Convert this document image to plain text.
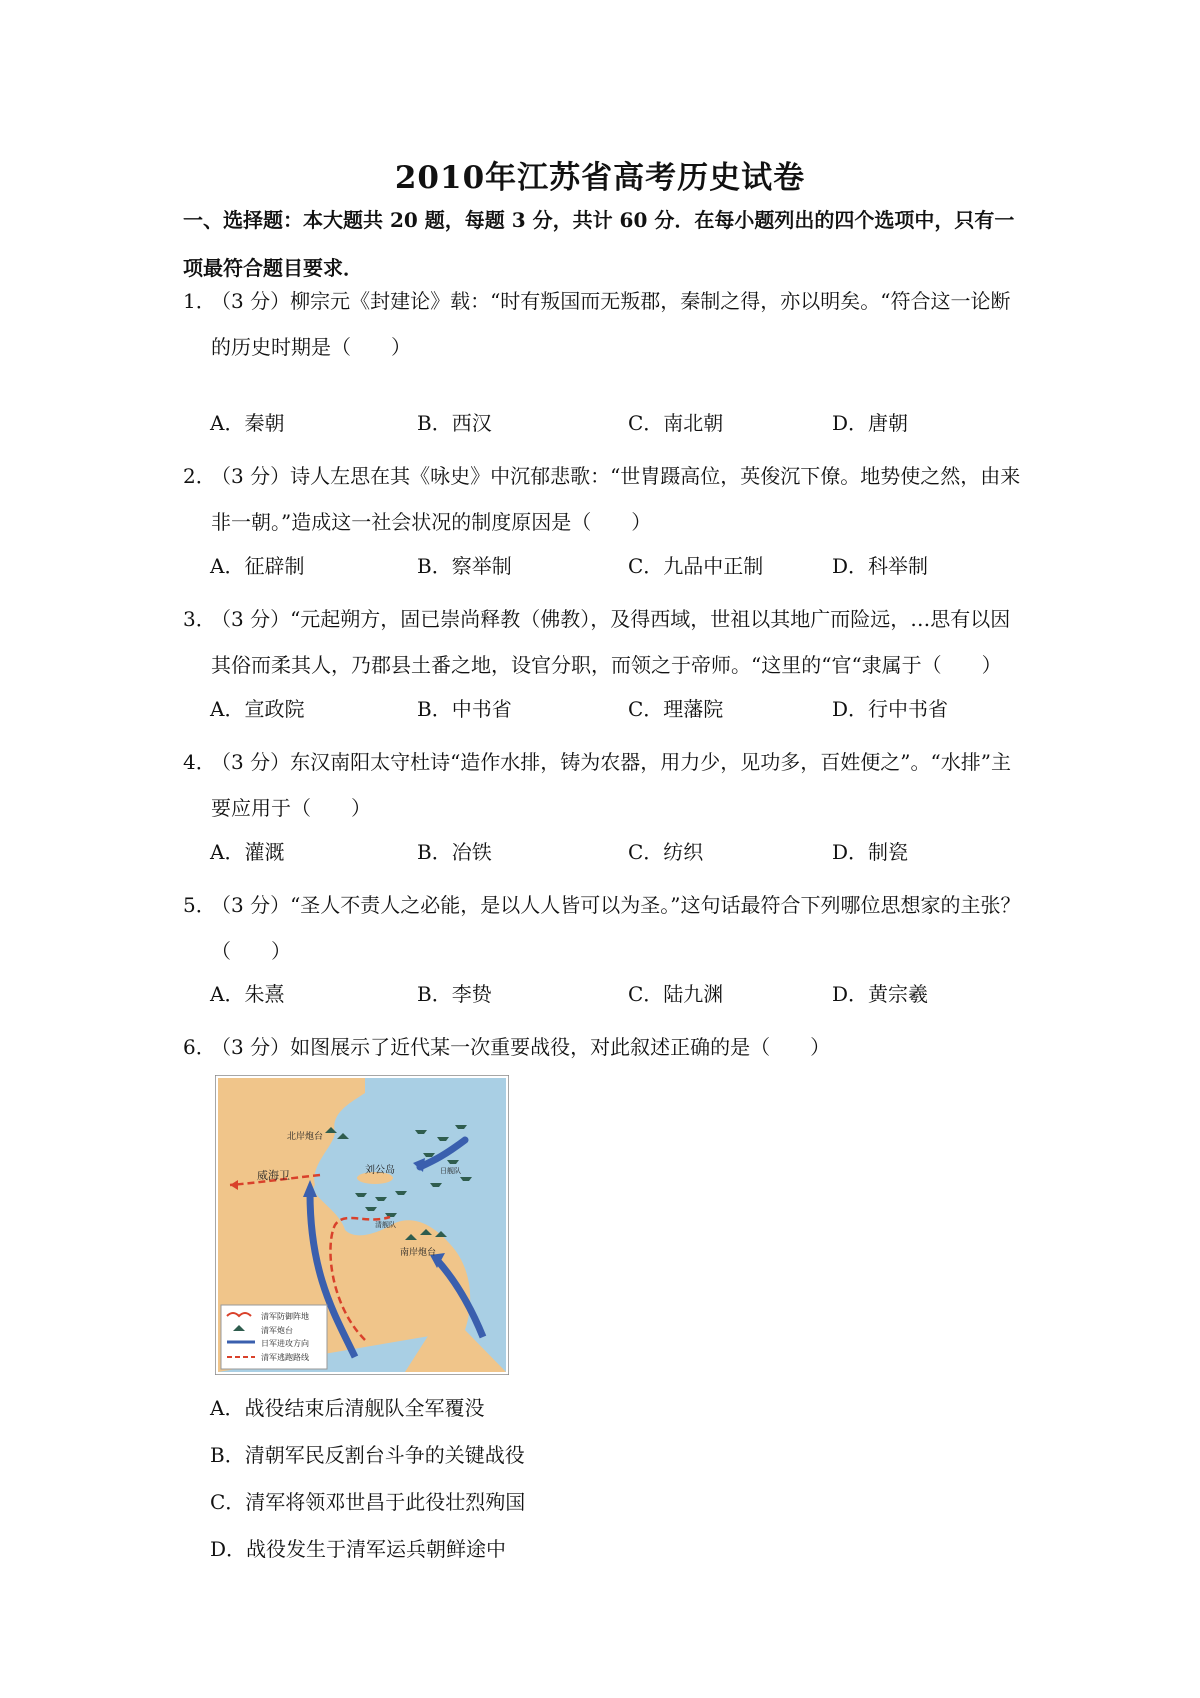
2010年江苏省高考历史试卷
一、选择题：本大题共 20 题，每题 3 分，共计 60 分．在每小题列出的四个选项中，只有一项最符合题目要求．
1．
（3 分）柳宗元《封建论》载：“时有叛国而无叛郡，秦制之得，亦以明矣。“符合这一论断的历史时期是（　　）
A．秦朝	B．西汉	C．南北朝	D．唐朝
2．
（3 分）诗人左思在其《咏史》中沉郁悲歌：“世胄蹑高位，英俊沉下僚。地势使之然，由来非一朝。”造成这一社会状况的制度原因是（　　）
A．征辟制	B．察举制	C．九品中正制	D．科举制
3．
（3 分）“元起朔方，固已崇尚释教（佛教），及得西域，世祖以其地广而险远，…思有以因其俗而柔其人，乃郡县土番之地，设官分职，而领之于帝师。“这里的“官“隶属于（　　）
A．宣政院	B．中书省	C．理藩院	D．行中书省
4．
（3 分）东汉南阳太守杜诗“造作水排，铸为农器，用力少，见功多，百姓便之”。“水排”主要应用于（　　）
A．灌溉	B．冶铁	C．纺织	D．制瓷
5．
（3 分）“圣人不责人之必能，是以人人皆可以为圣。”这句话最符合下列哪位思想家的主张？（　　）
A．朱熹	B．李贽	C．陆九渊	D．黄宗羲
6．
（3 分）如图展示了近代某一次重要战役，对此叙述正确的是（　　）
北岸炮台
威海卫	刘公岛	日舰队
清舰队
南岸炮台
清军防御阵地
清军炮台
日军进攻方向
清军逃跑路线
A．战役结束后清舰队全军覆没
B．清朝军民反割台斗争的关键战役
C．清军将领邓世昌于此役壮烈殉国
D．战役发生于清军运兵朝鲜途中
